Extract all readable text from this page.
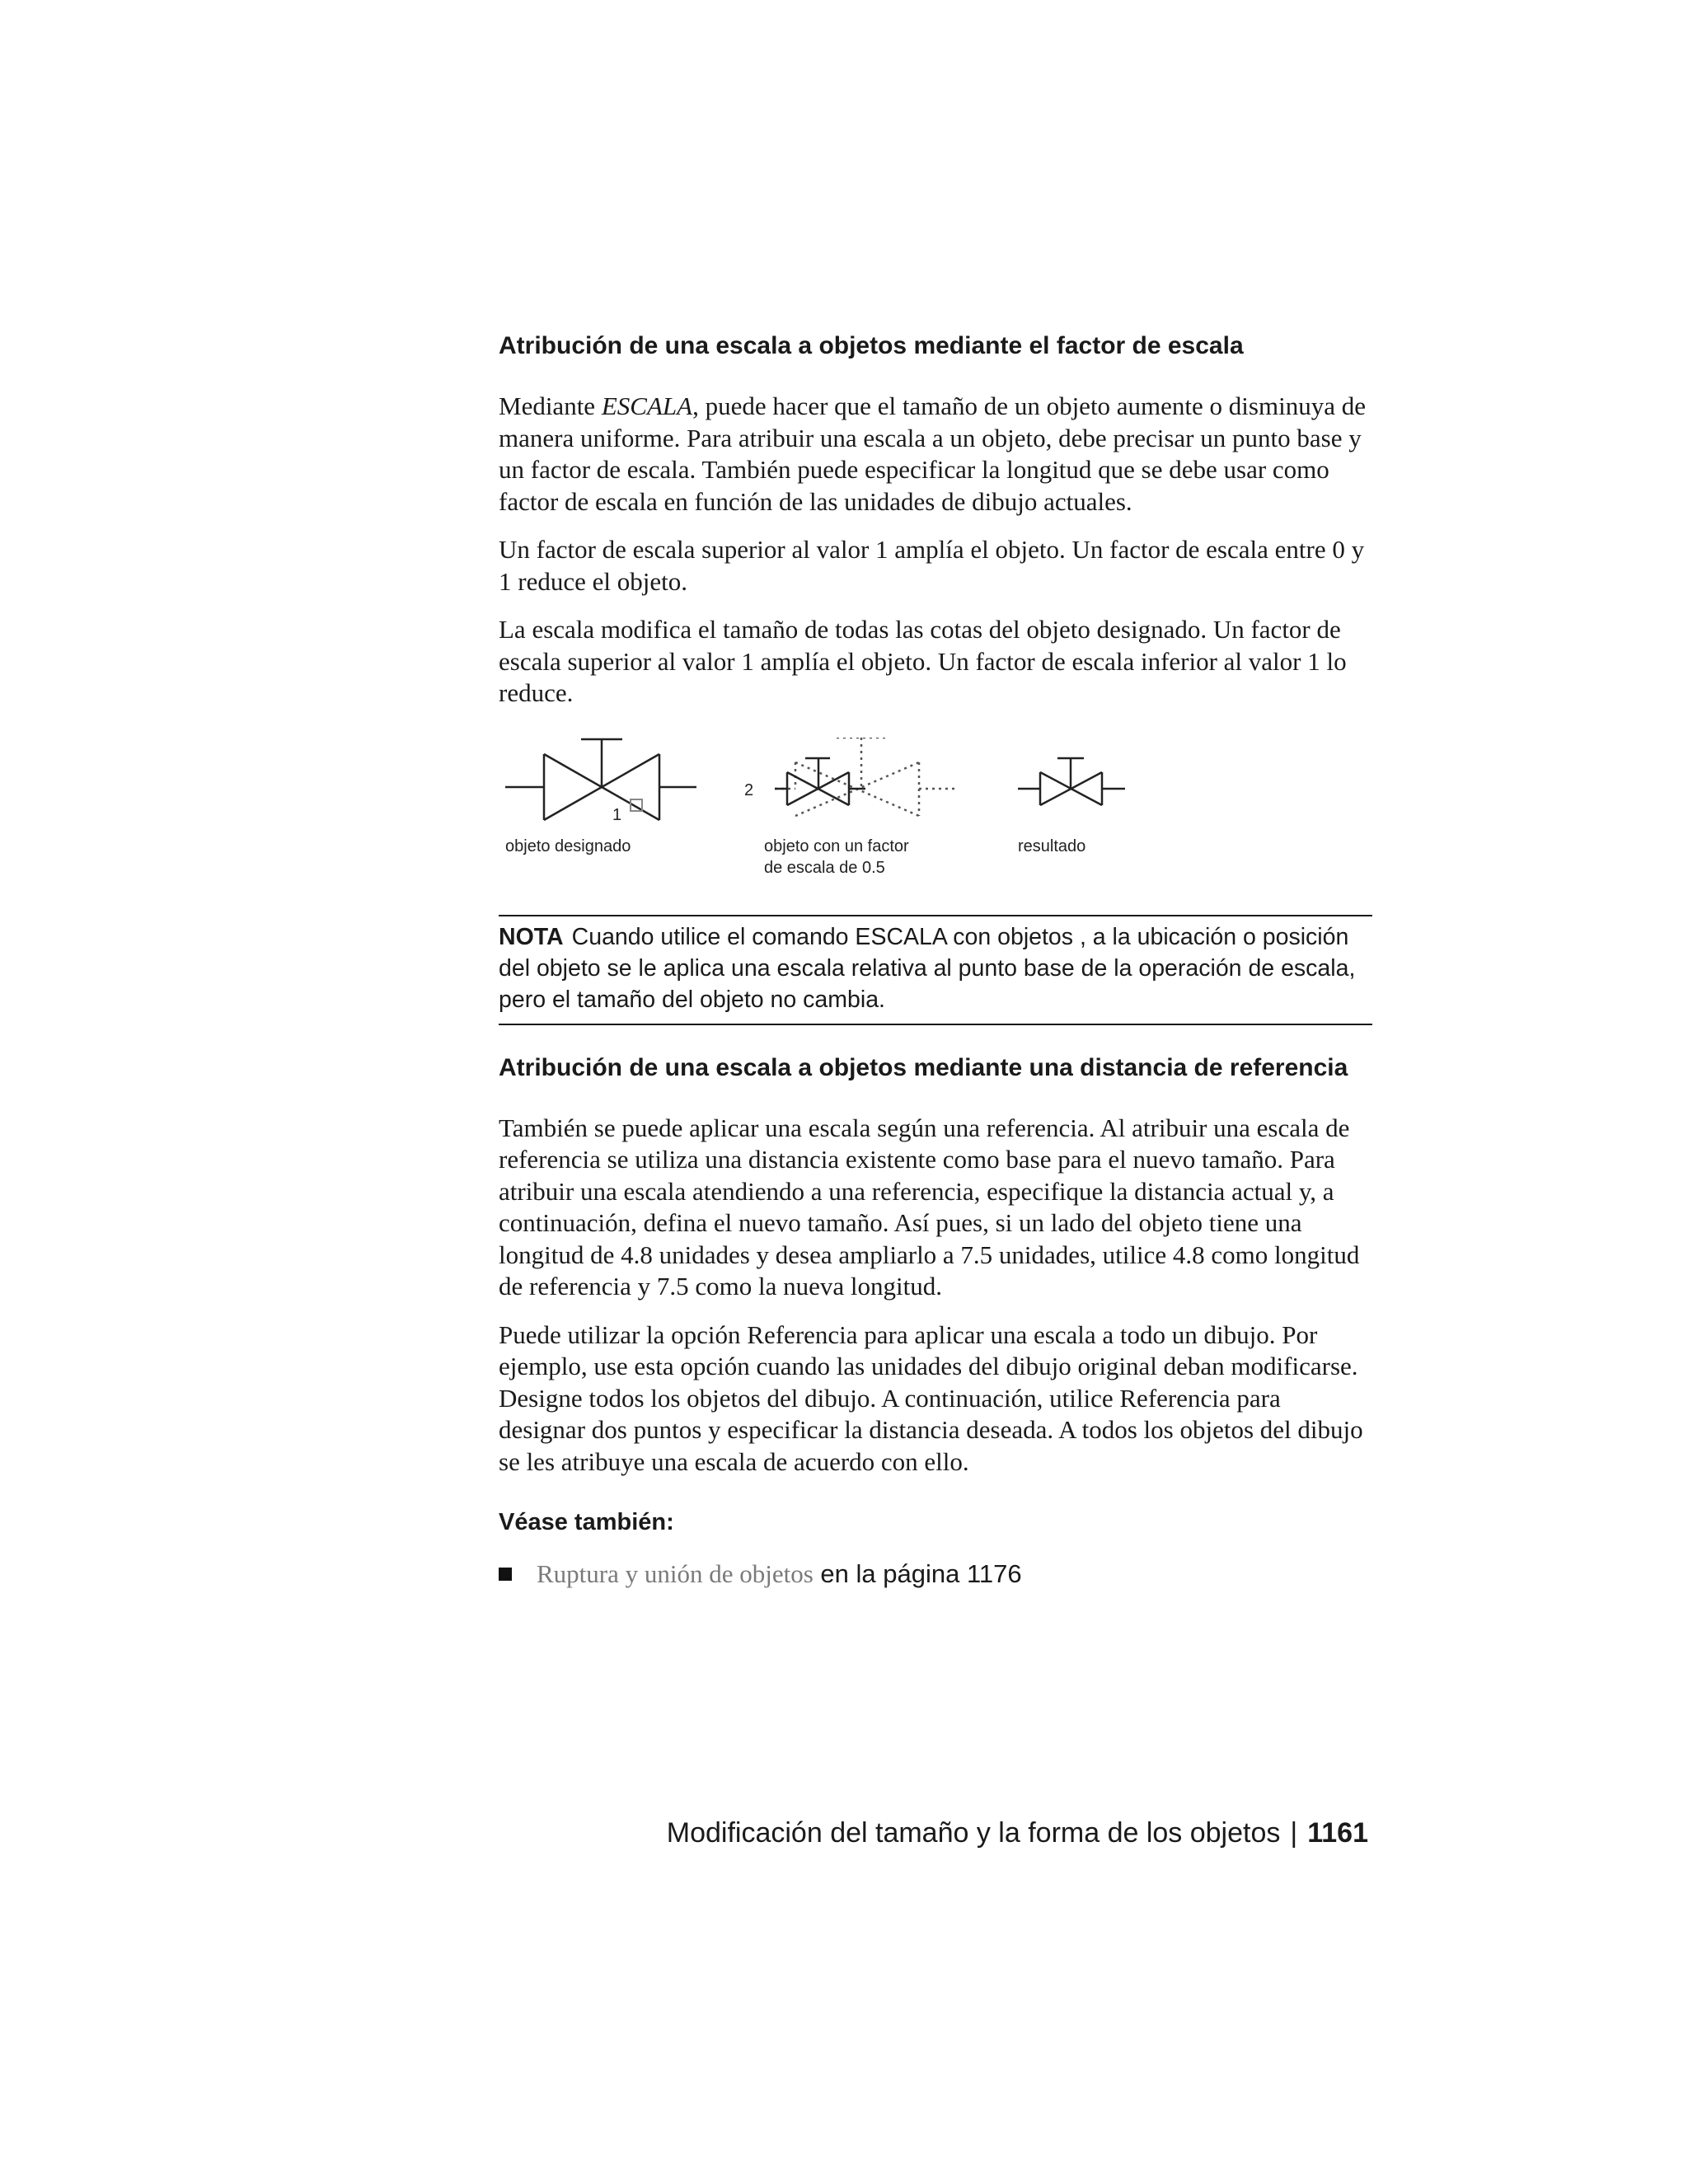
Atribución de una escala a objetos mediante el factor de escala

Mediante ESCALA, puede hacer que el tamaño de un objeto aumente o disminuya de manera uniforme. Para atribuir una escala a un objeto, debe precisar un punto base y un factor de escala. También puede especificar la longitud que se debe usar como factor de escala en función de las unidades de dibujo actuales.

Un factor de escala superior al valor 1 amplía el objeto. Un factor de escala entre 0 y 1 reduce el objeto.

La escala modifica el tamaño de todas las cotas del objeto designado. Un factor de escala superior al valor 1 amplía el objeto. Un factor de escala inferior al valor 1 lo reduce.

1
2
objeto designado	objeto con un factor
de escala de 0.5
resultado
NOTA Cuando utilice el comando ESCALA con objetos , a la ubicación o posición del objeto se le aplica una escala relativa al punto base de la operación de escala, pero el tamaño del objeto no cambia.
Atribución de una escala a objetos mediante una distancia de referencia

También se puede aplicar una escala según una referencia. Al atribuir una escala de referencia se utiliza una distancia existente como base para el nuevo tamaño. Para atribuir una escala atendiendo a una referencia, especifique la distancia actual y, a continuación, defina el nuevo tamaño. Así pues, si un lado del objeto tiene una longitud de 4.8 unidades y desea ampliarlo a 7.5 unidades, utilice 4.8 como longitud de referencia y 7.5 como la nueva longitud.

Puede utilizar la opción Referencia para aplicar una escala a todo un dibujo. Por ejemplo, use esta opción cuando las unidades del dibujo original deban modificarse. Designe todos los objetos del dibujo. A continuación, utilice Referencia para designar dos puntos y especificar la distancia deseada. A todos los objetos del dibujo se les atribuye una escala de acuerdo con ello.

Véase también:
Ruptura y unión de objetos en la página 1176
Modificación del tamaño y la forma de los objetos | 1161
